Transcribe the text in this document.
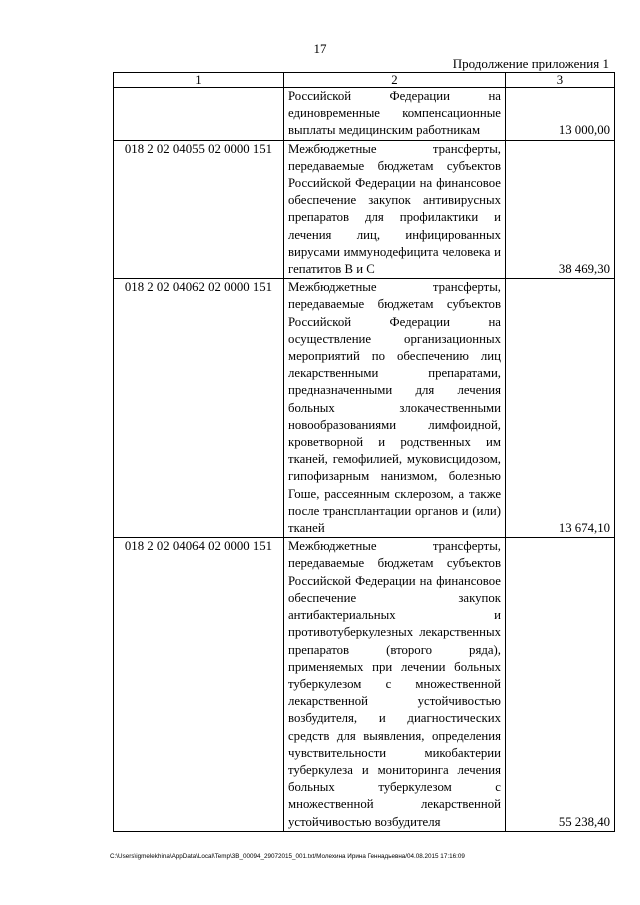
17
Продолжение приложения 1
1	2	3
	Российской Федерации на единовременные компенсационные выплаты медицинским работникам	13 000,00
018 2 02 04055 02 0000 151	Межбюджетные трансферты, передаваемые бюджетам субъектов Российской Федерации на финансовое обеспечение закупок антивирусных препаратов для профилактики и лечения лиц, инфицированных вирусами иммунодефицита человека и гепатитов B и C	38 469,30
018 2 02 04062 02 0000 151	Межбюджетные трансферты, передаваемые бюджетам субъектов Российской Федерации на осуществление организационных мероприятий по обеспечению лиц лекарственными препаратами, предназначенными для лечения больных злокачественными новообразованиями лимфоидной, кроветворной и родственных им тканей, гемофилией, муковисцидозом, гипофизарным нанизмом, болезнью Гоше, рассеянным склерозом, а также после трансплантации органов и (или) тканей	13 674,10
018 2 02 04064 02 0000 151	Межбюджетные трансферты, передаваемые бюджетам субъектов Российской Федерации на финансовое обеспечение закупок антибактериальных и противотуберкулезных лекарственных препаратов (второго ряда), применяемых при лечении больных туберкулезом с множественной лекарственной устойчивостью возбудителя, и диагностических средств для выявления, определения чувствительности микобактерии туберкулеза и мониторинга лечения больных туберкулезом с множественной лекарственной устойчивостью возбудителя	55 238,40
C:\Users\igmelekhina\AppData\Local\Temp\3B_00094_29072015_001.txt/Молехина Ирина Геннадьевна/04.08.2015 17:16:09
